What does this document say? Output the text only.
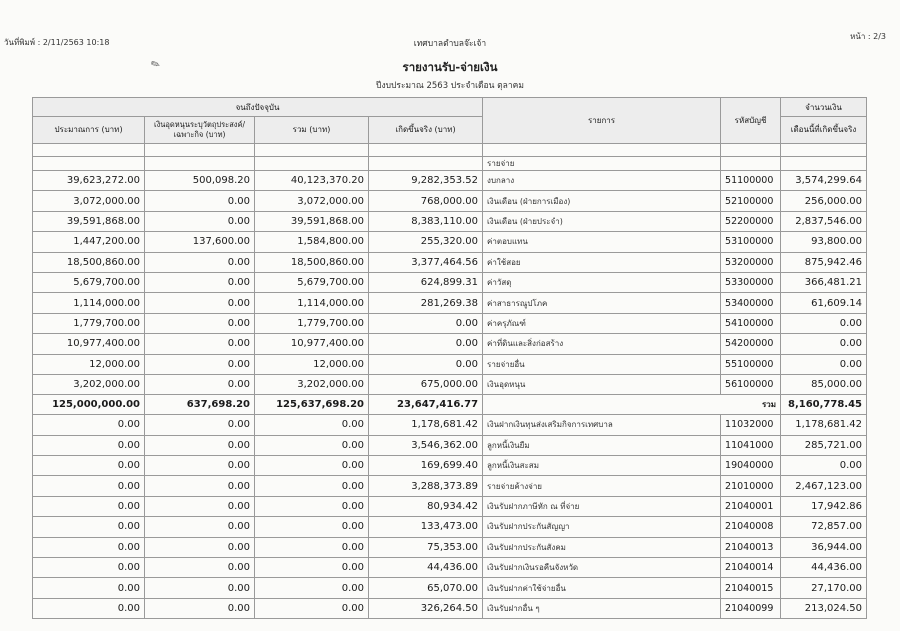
วันที่พิมพ์ : 2/11/2563 10:18	เทศบาลตำบลจ๊ะเจ้า
หน้า : 2/3
✎	รายงานรับ-จ่ายเงิน
ปีงบประมาณ 2563 ประจำเดือน ตุลาคม
จนถึงปัจจุบัน				รายการ	รหัสบัญชี	จำนวนเงิน
ประมาณการ (บาท)	เงินอุดหนุนระบุวัตถุประสงค์/เฉพาะกิจ (บาท)	รวม (บาท)	เกิดขึ้นจริง (บาท)			เดือนนี้ที่เกิดขึ้นจริง

				รายจ่าย		
39,623,272.00	500,098.20	40,123,370.20	9,282,353.52	งบกลาง	51100000	3,574,299.64
3,072,000.00	0.00	3,072,000.00	768,000.00	เงินเดือน (ฝ่ายการเมือง)	52100000	256,000.00
39,591,868.00	0.00	39,591,868.00	8,383,110.00	เงินเดือน (ฝ่ายประจำ)	52200000	2,837,546.00
1,447,200.00	137,600.00	1,584,800.00	255,320.00	ค่าตอบแทน	53100000	93,800.00
18,500,860.00	0.00	18,500,860.00	3,377,464.56	ค่าใช้สอย	53200000	875,942.46
5,679,700.00	0.00	5,679,700.00	624,899.31	ค่าวัสดุ	53300000	366,481.21
1,114,000.00	0.00	1,114,000.00	281,269.38	ค่าสาธารณูปโภค	53400000	61,609.14
1,779,700.00	0.00	1,779,700.00	0.00	ค่าครุภัณฑ์	54100000	0.00
10,977,400.00	0.00	10,977,400.00	0.00	ค่าที่ดินและสิ่งก่อสร้าง	54200000	0.00
12,000.00	0.00	12,000.00	0.00	รายจ่ายอื่น	55100000	0.00
3,202,000.00	0.00	3,202,000.00	675,000.00	เงินอุดหนุน	56100000	85,000.00
125,000,000.00	637,698.20	125,637,698.20	23,647,416.77	รวม		8,160,778.45
0.00	0.00	0.00	1,178,681.42	เงินฝากเงินทุนส่งเสริมกิจการเทศบาล	11032000	1,178,681.42
0.00	0.00	0.00	3,546,362.00	ลูกหนี้เงินยืม	11041000	285,721.00
0.00	0.00	0.00	169,699.40	ลูกหนี้เงินสะสม	19040000	0.00
0.00	0.00	0.00	3,288,373.89	รายจ่ายค้างจ่าย	21010000	2,467,123.00
0.00	0.00	0.00	80,934.42	เงินรับฝากภาษีหัก ณ ที่จ่าย	21040001	17,942.86
0.00	0.00	0.00	133,473.00	เงินรับฝากประกันสัญญา	21040008	72,857.00
0.00	0.00	0.00	75,353.00	เงินรับฝากประกันสังคม	21040013	36,944.00
0.00	0.00	0.00	44,436.00	เงินรับฝากเงินรอคืนจังหวัด	21040014	44,436.00
0.00	0.00	0.00	65,070.00	เงินรับฝากค่าใช้จ่ายอื่น	21040015	27,170.00
0.00	0.00	0.00	326,264.50	เงินรับฝากอื่น ๆ	21040099	213,024.50
